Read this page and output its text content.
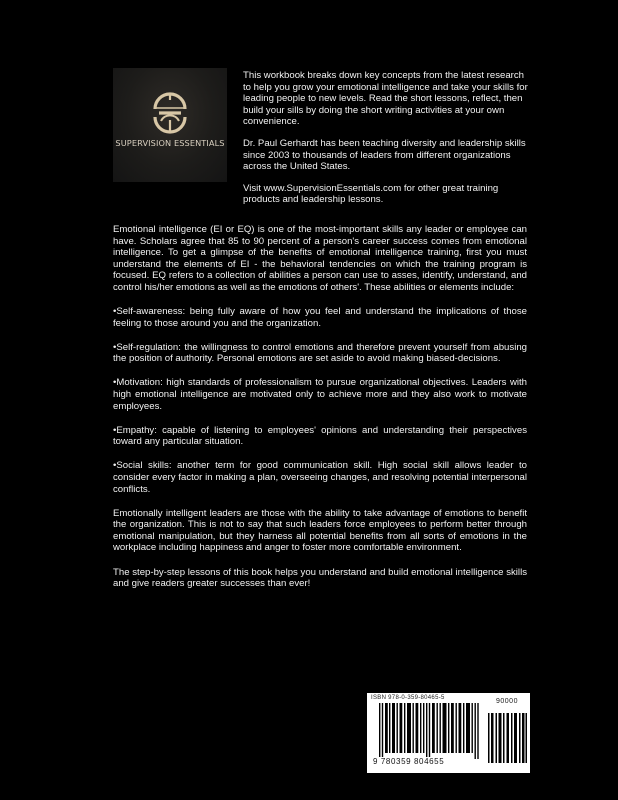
SUPERVISION ESSENTIALS

This workbook breaks down key concepts from the latest research to help you grow your emotional intelligence and take your skills for leading people to new levels. Read the short lessons, reflect, then build your sills by doing the short writing activities at your own convenience.

Dr. Paul Gerhardt has been teaching diversity and leadership skills since 2003 to thousands of leaders from different organizations across the United States.

Visit www.SupervisionEssentials.com for other great training products and leadership lessons.

Emotional intelligence (EI or EQ) is one of the most-important skills any leader or employee can have. Scholars agree that 85 to 90 percent of a person's career success comes from emotional intelligence. To get a glimpse of the benefits of emotional intelligence training, first you must understand the elements of EI - the behavioral tendencies on which the training program is focused. EQ refers to a collection of abilities a person can use to asses, identify, understand, and control his/her emotions as well as the emotions of others'. These abilities or elements include:

•Self-awareness: being fully aware of how you feel and understand the implications of those feeling to those around you and the organization.

•Self-regulation: the willingness to control emotions and therefore prevent yourself from abusing the position of authority. Personal emotions are set aside to avoid making biased-decisions.

•Motivation: high standards of professionalism to pursue organizational objectives. Leaders with high emotional intelligence are motivated only to achieve more and they also work to motivate employees.

•Empathy: capable of listening to employees' opinions and understanding their perspectives toward any particular situation.

•Social skills: another term for good communication skill. High social skill allows leader to consider every factor in making a plan, overseeing changes, and resolving potential interpersonal conflicts.

Emotionally intelligent leaders are those with the ability to take advantage of emotions to benefit the organization. This is not to say that such leaders force employees to perform better through emotional manipulation, but they harness all potential benefits from all sorts of emotions in the workplace including happiness and anger to foster more comfortable environment.

The step-by-step lessons of this book helps you understand and build emotional intelligence skills and give readers greater successes than ever!

ISBN 978-0-359-80465-5	90000
9 780359 804655
